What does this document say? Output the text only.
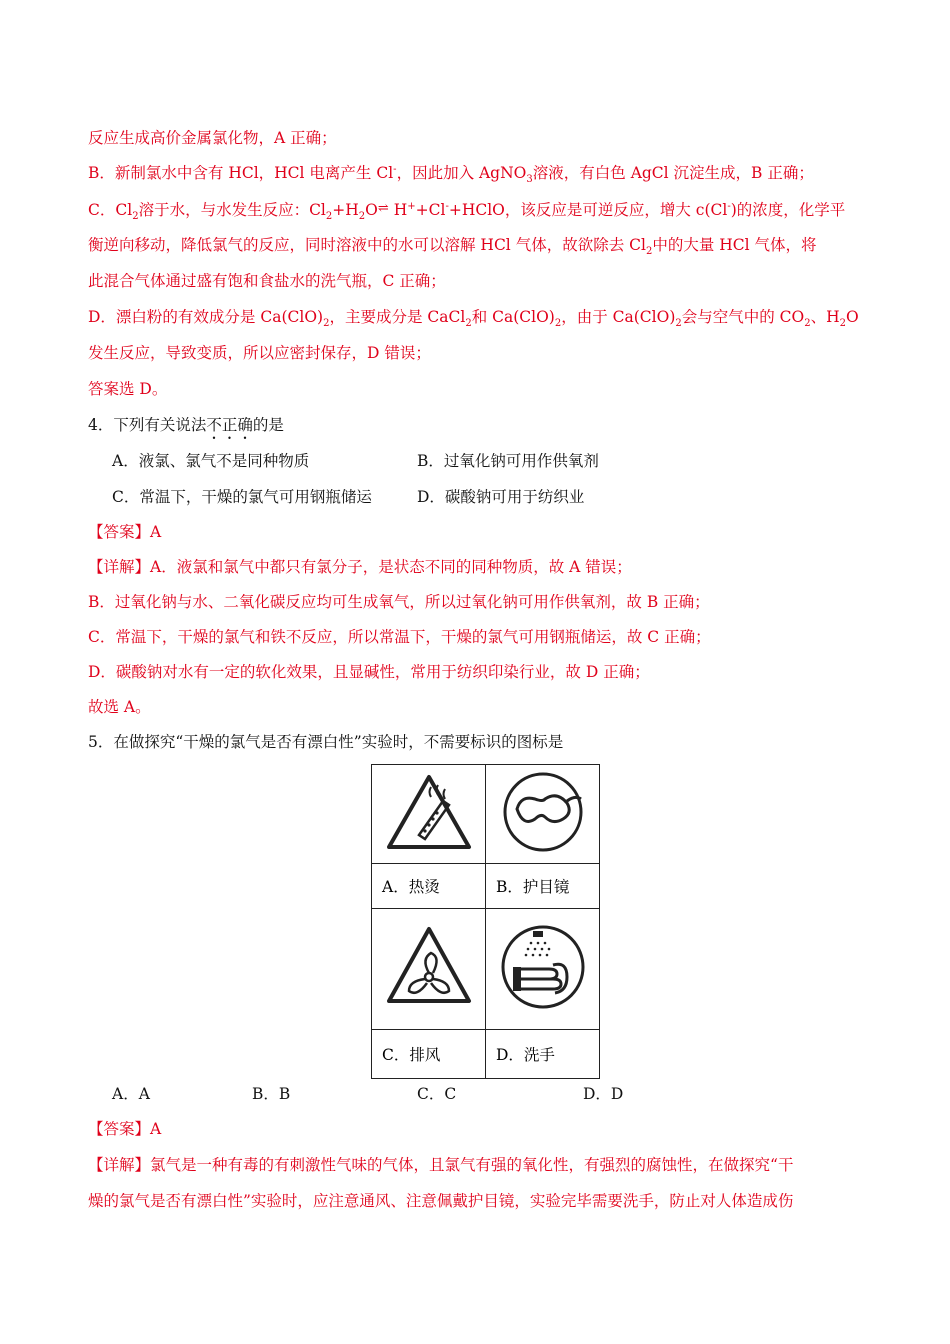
反应生成高价金属氯化物，A 正确；
B．新制氯水中含有 HCl，HCl 电离产生 Cl-，因此加入 AgNO$_3$溶液，有白色 AgCl 沉淀生成，B 正确；
C．$Cl_2$溶于水，与水发生反应：$Cl_2+H_2O\rightleftharpoons$ H++Cl-+HClO，该反应是可逆反应，增大 c(Cl-)的浓度，化学平
衡逆向移动，降低氯气的反应，同时溶液中的水可以溶解 HCl 气体，故欲除去 $Cl_2$中的大量 HCl 气体，将
此混合气体通过盛有饱和食盐水的洗气瓶，C 正确；
D．漂白粉的有效成分是 $Ca(ClO)_2$，主要成分是 CaCl$_2$和 $Ca(ClO)_2$，由于 $Ca(ClO)_2$会与空气中的 $CO_2$、$H_2O$
发生反应，导致变质，所以应密封保存，D 错误；
答案选 D。
4．下列有关说法不正确的是
A．液氯、氯气不是同种物质	B．过氧化钠可用作供氧剂
C．常温下，干燥的氯气可用钢瓶储运	D．碳酸钠可用于纺织业
【答案】A
【详解】A．液氯和氯气中都只有氯分子，是状态不同的同种物质，故 A 错误；
B．过氧化钠与水、二氧化碳反应均可生成氧气，所以过氧化钠可用作供氧剂，故 B 正确；
C．常温下，干燥的氯气和铁不反应，所以常温下，干燥的氯气可用钢瓶储运，故 C 正确；
D．碳酸钠对水有一定的软化效果，且显碱性，常用于纺织印染行业，故 D 正确；
故选 A。
5．在做探究“干燥的氯气是否有漂白性”实验时，不需要标识的图标是

A．热烫	B．护目镜

C．排风	D．洗手
A．A	B．B	C．C	D．D
【答案】A
【详解】氯气是一种有毒的有刺激性气味的气体，且氯气有强的氧化性，有强烈的腐蚀性，在做探究“干
燥的氯气是否有漂白性”实验时，应注意通风、注意佩戴护目镜，实验完毕需要洗手，防止对人体造成伤
